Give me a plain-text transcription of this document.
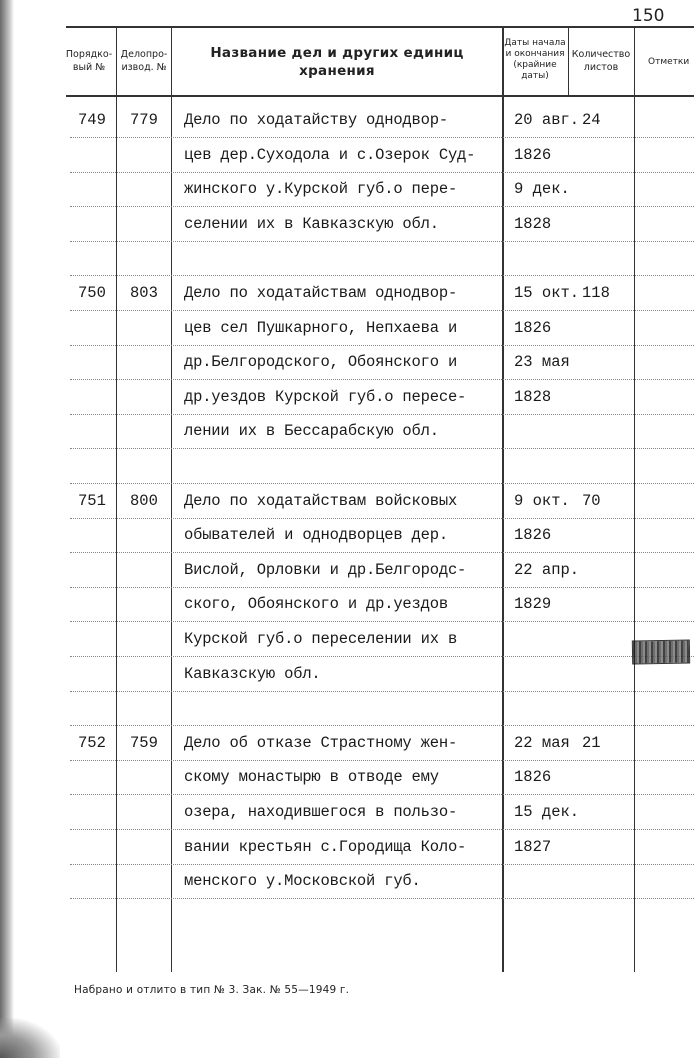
150
Порядко-вый №
Делопро-извод. №
Название дел и других единиц хранения
Даты начала и окончания (крайние даты)
Количество листов
Отметки
749 779 Дело по ходатайству однодвор-	20 авг. 24
цев дер.Суходола и с.Озерок Суд-	1826
жинского у.Курской губ.о пере-	9 дек.
селении их в Кавказскую обл.	1828
750 803 Дело по ходатайствам однодвор-	15 окт. 118
цев сел Пушкарного, Непхаева и	1826
др.Белгородского, Обоянского и	23 мая
др.уездов Курской губ.о пересе-	1828
лении их в Бессарабскую обл.
751 800 Дело по ходатайствам войсковых	9 окт. 70
обывателей и однодворцев дер.	1826
Вислой, Орловки и др.Белгородс-	22 апр.
ского, Обоянского и др.уездов	1829
Курской губ.о переселении их в
Кавказскую обл.
752 759 Дело об отказе Страстному жен-	22 мая 21
скому монастырю в отводе ему	1826
озера, находившегося в пользо-	15 дек.
вании крестьян с.Городища Коло-	1827
менского у.Московской губ.
Набрано и отлито в тип № 3. Зак. № 55—1949 г.
